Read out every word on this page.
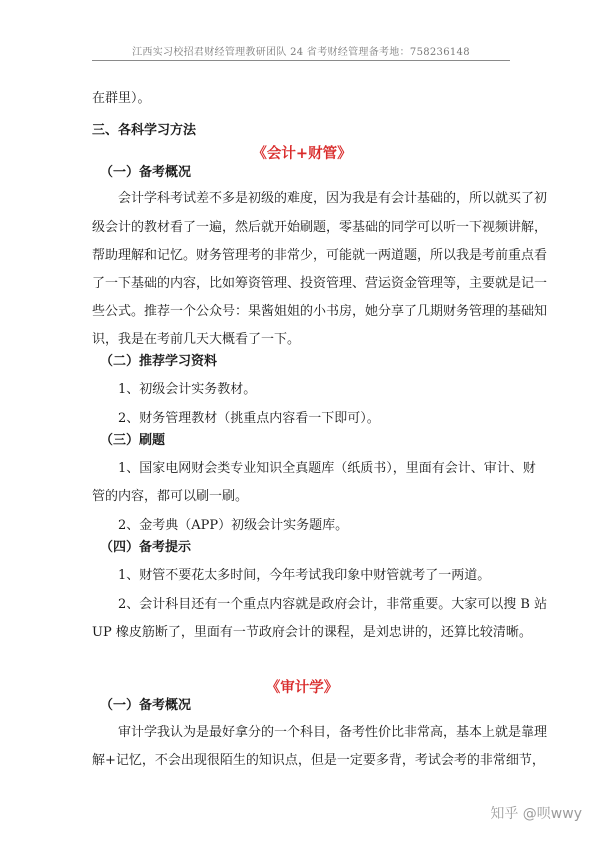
江西实习校招君财经管理教研团队 24 省考财经管理备考地：758236148
在群里）。
三、各科学习方法
《会计+财管》
（一）备考概况
会计学科考试差不多是初级的难度，因为我是有会计基础的，所以就买了初
级会计的教材看了一遍，然后就开始刷题，零基础的同学可以听一下视频讲解，
帮助理解和记忆。财务管理考的非常少，可能就一两道题，所以我是考前重点看
了一下基础的内容，比如筹资管理、投资管理、营运资金管理等，主要就是记一
些公式。推荐一个公众号：果酱姐姐的小书房，她分享了几期财务管理的基础知
识，我是在考前几天大概看了一下。
（二）推荐学习资料
1、初级会计实务教材。
2、财务管理教材（挑重点内容看一下即可）。
（三）刷题
1、国家电网财会类专业知识全真题库（纸质书），里面有会计、审计、财
管的内容，都可以刷一刷。
2、金考典（APP）初级会计实务题库。
（四）备考提示
1、财管不要花太多时间，今年考试我印象中财管就考了一两道。
2、会计科目还有一个重点内容就是政府会计，非常重要。大家可以搜 B 站
UP 橡皮筋断了，里面有一节政府会计的课程，是刘忠讲的，还算比较清晰。
《审计学》
（一）备考概况
审计学我认为是最好拿分的一个科目，备考性价比非常高，基本上就是靠理
解+记忆，不会出现很陌生的知识点，但是一定要多背，考试会考的非常细节，
知乎 @呗wwy
